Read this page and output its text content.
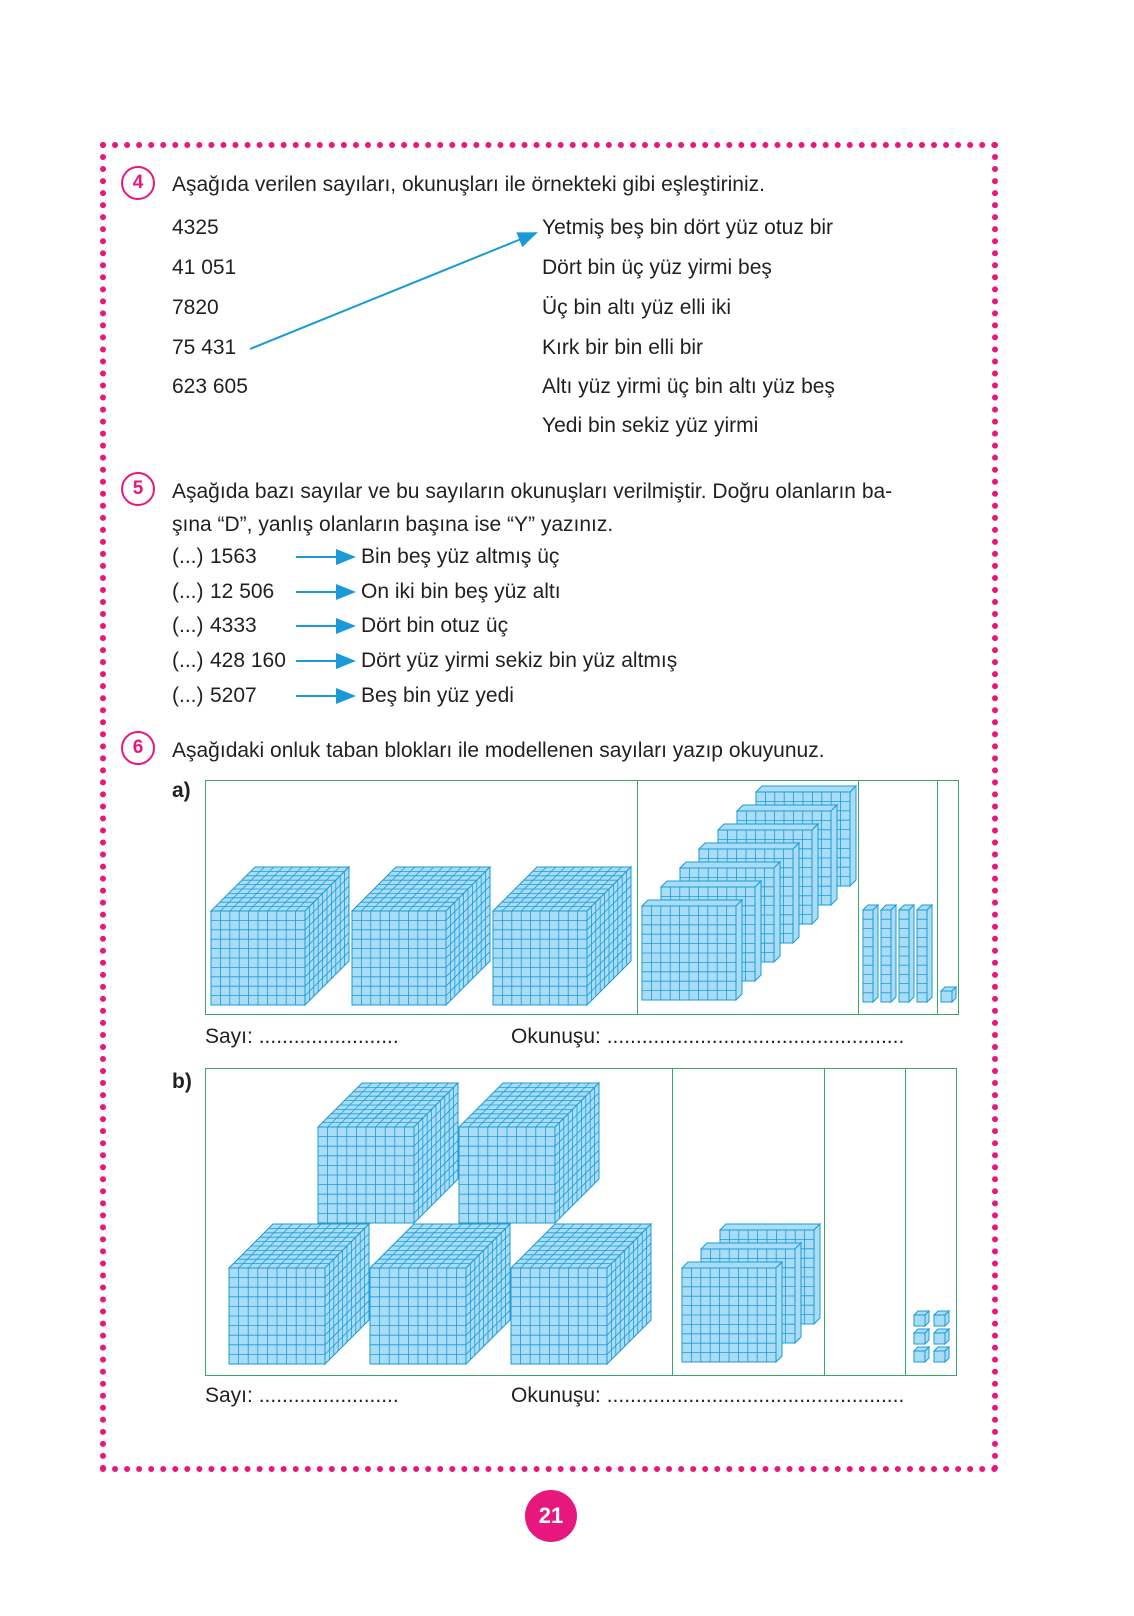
4	Aşağıda verilen sayıları, okunuşları ile örnekteki gibi eşleştiriniz.
4325
41 051
7820
75 431
623 605
Yetmiş beş bin dört yüz otuz bir
Dört bin üç yüz yirmi beş
Üç bin altı yüz elli iki
Kırk bir bin elli bir
Altı yüz yirmi üç bin altı yüz beş
Yedi bin sekiz yüz yirmi
5	Aşağıda bazı sayılar ve bu sayıların okunuşları verilmiştir. Doğru olanların ba-
şına “D”, yanlış olanların başına ise “Y” yazınız.
(...) 1563	Bin beş yüz altmış üç
(...) 12 506	On iki bin beş yüz altı
(...) 4333	Dört bin otuz üç
(...) 428 160	Dört yüz yirmi sekiz bin yüz altmış
(...) 5207	Beş bin yüz yedi
6	Aşağıdaki onluk taban blokları ile modellenen sayıları yazıp okuyunuz.
a)
Sayı: ........................	Okunuşu: ...................................................
b)
Sayı: ........................	Okunuşu: ...................................................
21
